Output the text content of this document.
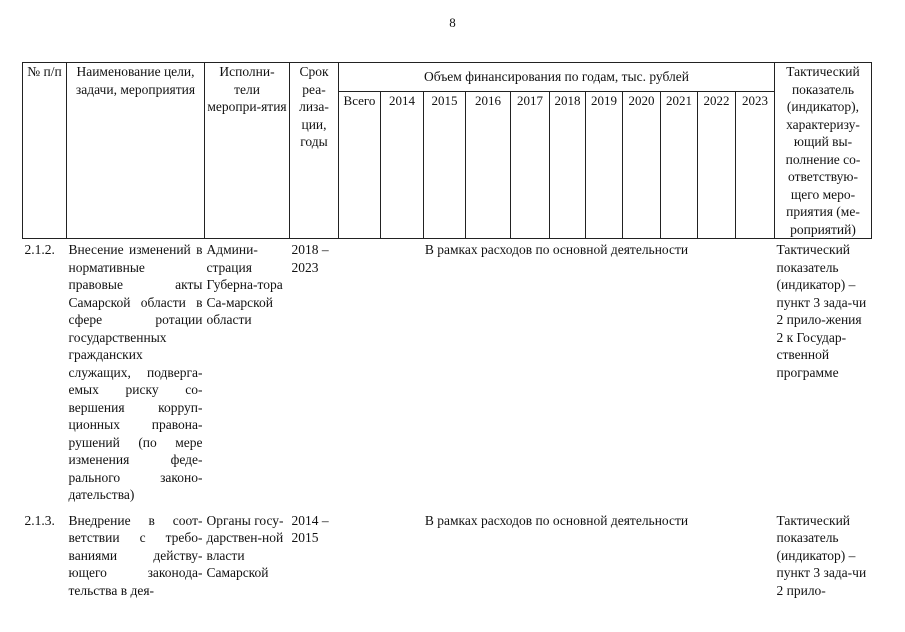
8
№ п/п	Наименование цели, задачи, мероприятия	Исполни-тели меропри-ятия	Срок реа-лиза-ции, годы	Объем финансирования по годам, тыс. рублей											Тактический показатель (индикатор), характеризу-ющий вы-полнение со-ответствую-щего меро-приятия (ме-роприятий)
				Всего	2014	2015	2016	2017	2018	2019	2020	2021	2022	2023	
2.1.2.	Внесение изменений в нормативные правовые акты Самарской области в сфере ротации государственных гражданских служащих, подверга-емых риску со-вершения корруп-ционных правона-рушений (по мере изменения феде-рального законо-дательства)	Админи-страция Губерна-тора Са-марской области	2018 – 2023	В рамках расходов по основной деятельности											Тактический показатель (индикатор) – пункт 3 зада-чи 2 прило-жения 2 к Государ-ственной программе
2.1.3.	Внедрение в соот-ветствии с требо-ваниями действу-ющего законода-тельства в дея-	Органы госу-дарствен-ной власти Самарской	2014 – 2015	В рамках расходов по основной деятельности											Тактический показатель (индикатор) – пункт 3 зада-чи 2 прило-
